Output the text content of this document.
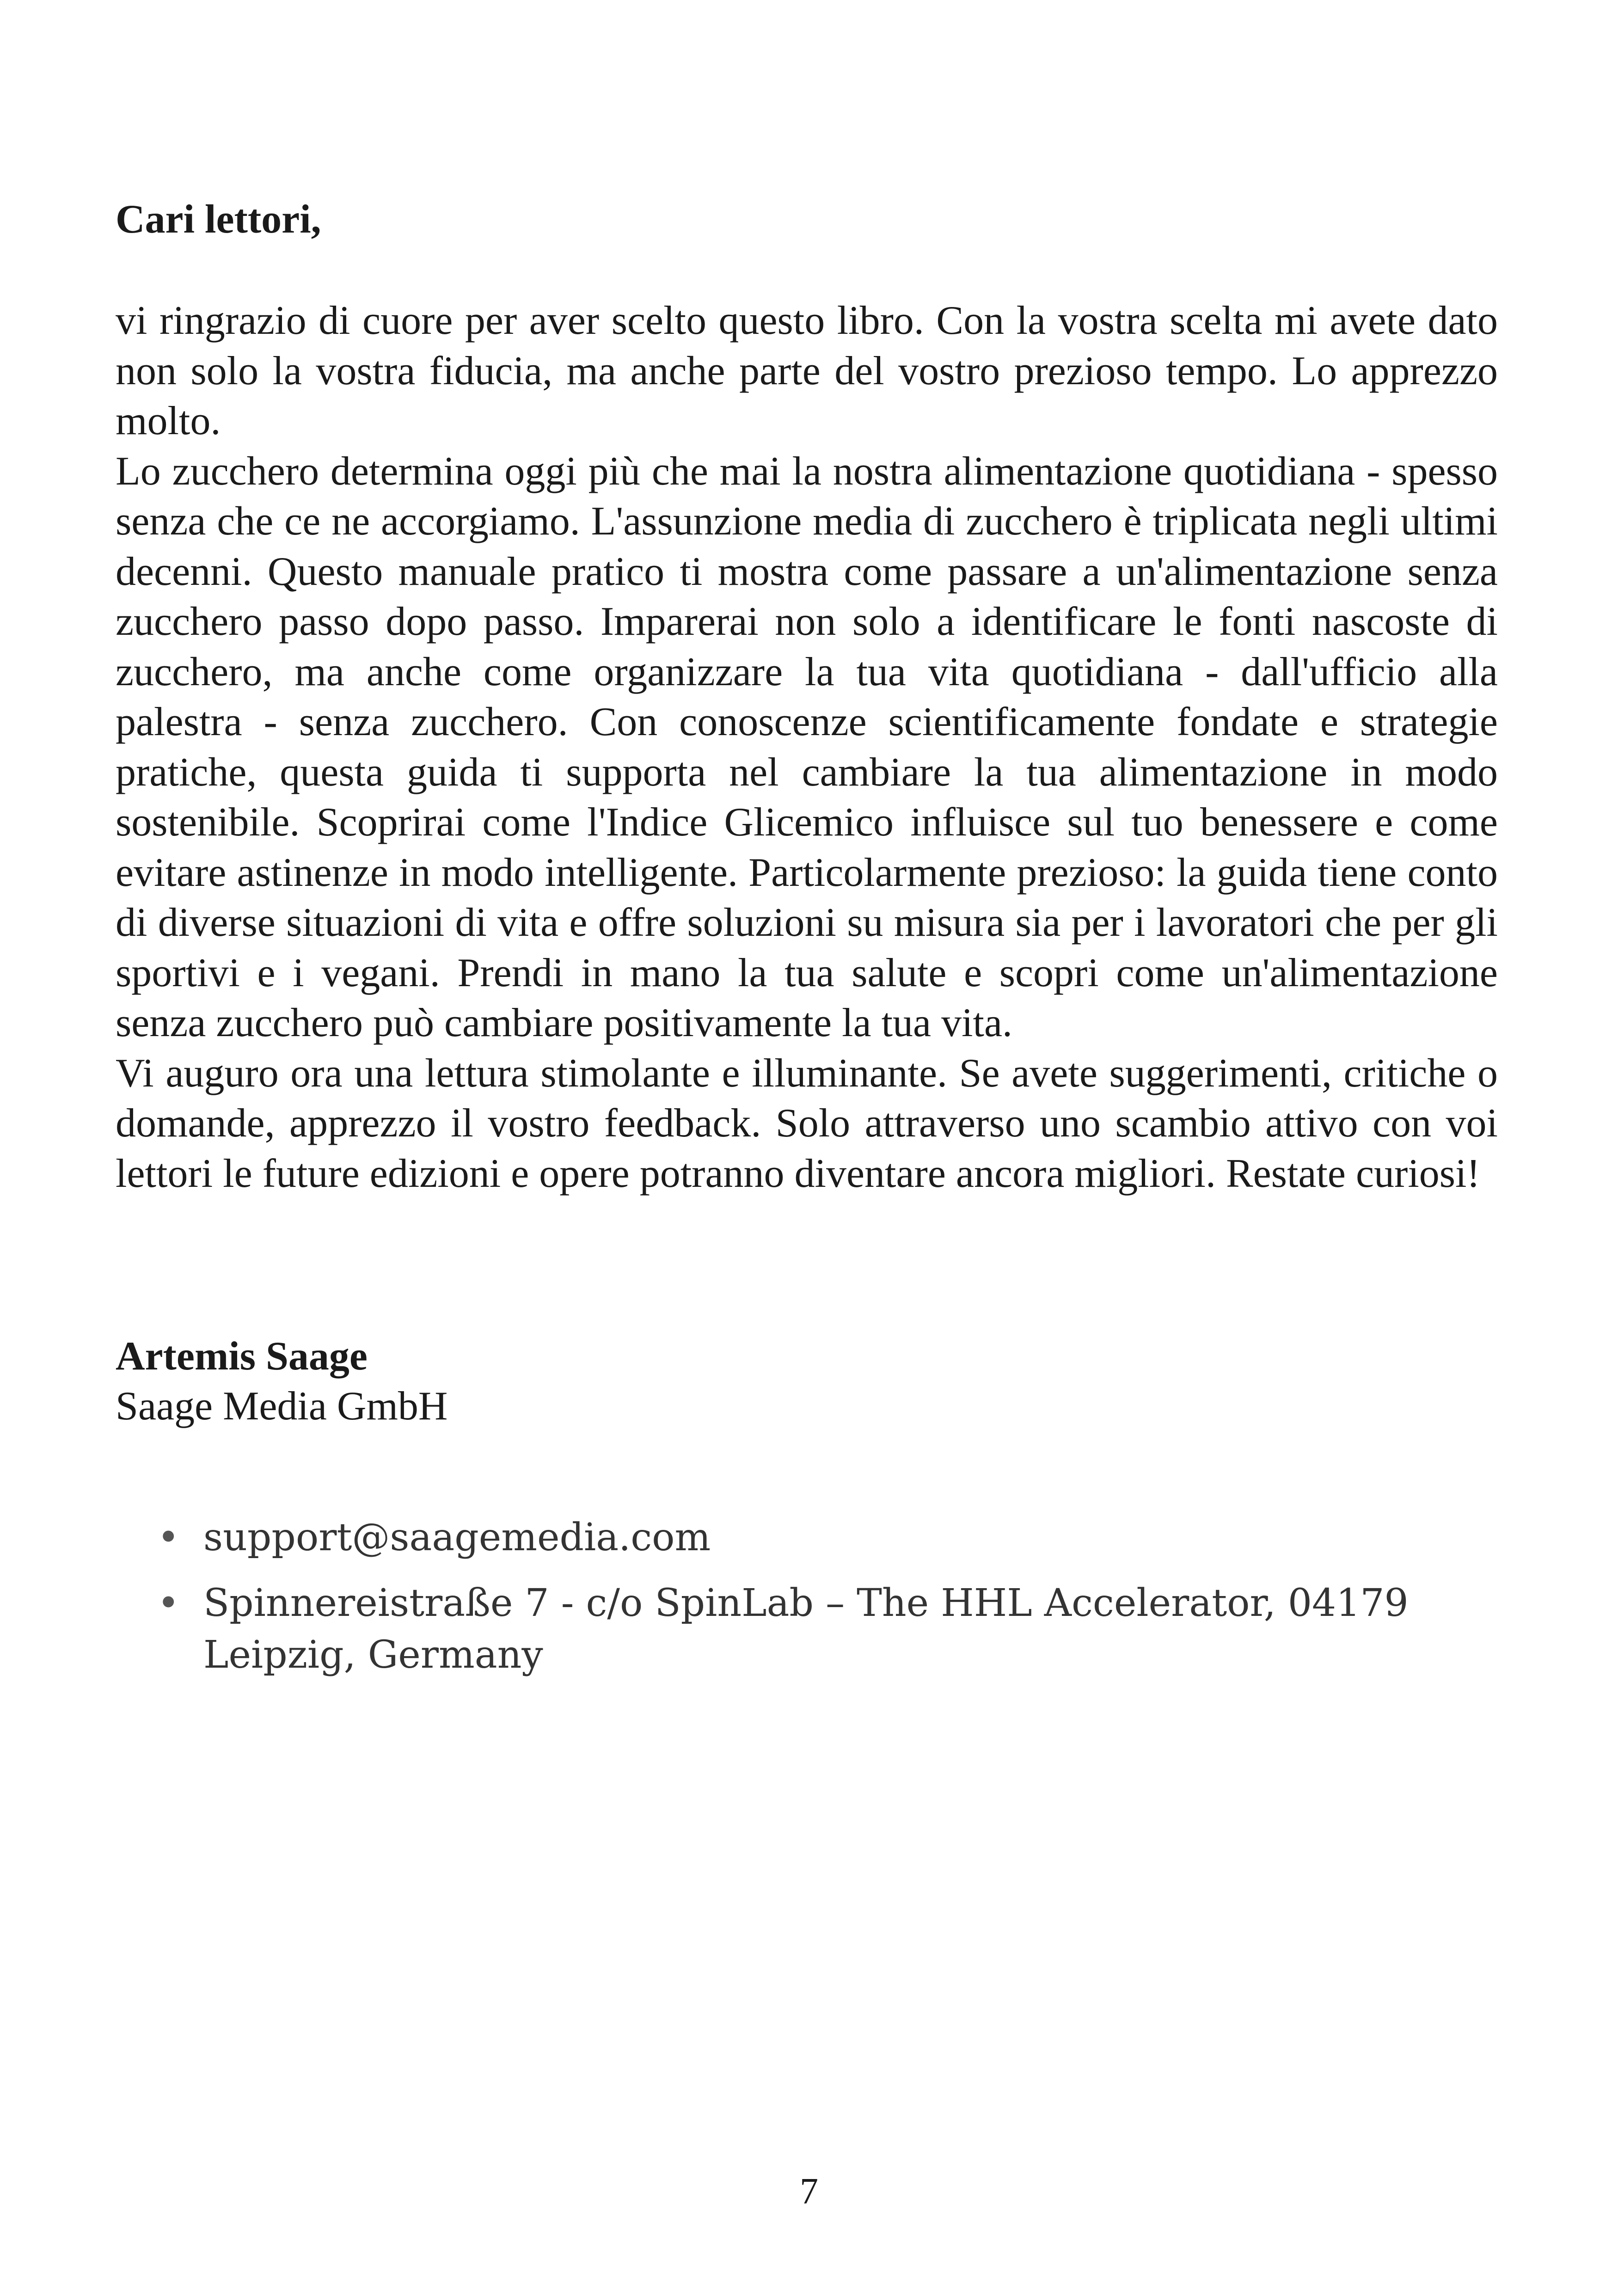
Cari lettori,

vi ringrazio di cuore per aver scelto questo libro. Con la vostra scelta mi avete dato non solo la vostra fiducia, ma anche parte del vostro prezioso tempo. Lo apprezzo molto.

Lo zucchero determina oggi più che mai la nostra alimentazione quotidiana - spesso senza che ce ne accorgiamo. L'assunzione media di zucchero è triplicata negli ultimi decenni. Questo manuale pratico ti mostra come passare a un'alimentazione senza zucchero passo dopo passo. Imparerai non solo a identificare le fonti nascoste di zucchero, ma anche come organizzare la tua vita quotidiana - dall'ufficio alla palestra - senza zucchero. Con conoscenze scientificamente fondate e strategie pratiche, questa guida ti supporta nel cambiare la tua alimentazione in modo sostenibile. Scoprirai come l'Indice Glicemico influisce sul tuo benessere e come evitare astinenze in modo intelligente. Particolarmente prezioso: la guida tiene conto di diverse situazioni di vita e offre soluzioni su misura sia per i lavoratori che per gli sportivi e i vegani. Prendi in mano la tua salute e scopri come un'alimentazione senza zucchero può cambiare positivamente la tua vita.

Vi auguro ora una lettura stimolante e illuminante. Se avete suggerimenti, critiche o domande, apprezzo il vostro feedback. Solo attraverso uno scambio attivo con voi lettori le future edizioni e opere potranno diventare ancora migliori. Restate curiosi!

Artemis Saage
Saage Media GmbH
• support@saagemedia.com
• Spinnereistraße 7 - c/o SpinLab – The HHL Accelerator, 04179 Leipzig, Germany
7
